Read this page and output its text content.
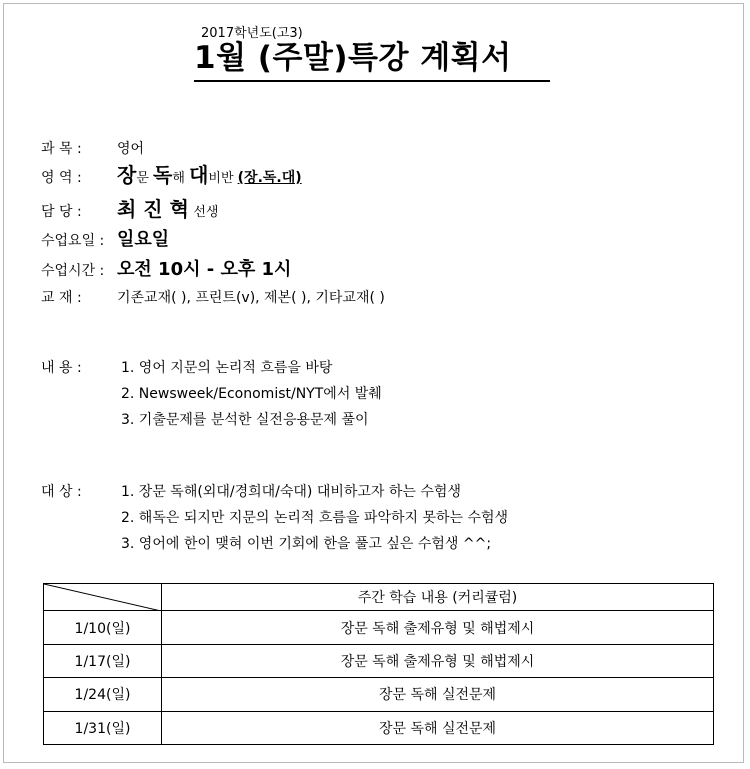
2017학년도(고3)
1월 (주말)특강 계획서
과 목 :	영어
영 역 : 장문 독해 대비반 (장.독.대)
담 당 : 최 진 혁 선생
수업요일 : 일요일
수업시간 : 오전 10시 - 오후 1시
교 재 :	기존교재( ), 프린트(v), 제본( ), 기타교재( )
내 용 :	1. 영어 지문의 논리적 흐름을 바탕
2. Newsweek/Economist/NYT에서 발췌
3. 기출문제를 분석한 실전응용문제 풀이
대 상 :	1. 장문 독해(외대/경희대/숙대) 대비하고자 하는 수험생
2. 해독은 되지만 지문의 논리적 흐름을 파악하지 못하는 수험생
3. 영어에 한이 맺혀 이번 기회에 한을 풀고 싶은 수험생 ^^;
	주간 학습 내용 (커리큘럼)
1/10(일)	장문 독해 출제유형 및 해법제시
1/17(일)	장문 독해 출제유형 및 해법제시
1/24(일)	장문 독해 실전문제
1/31(일)	장문 독해 실전문제
